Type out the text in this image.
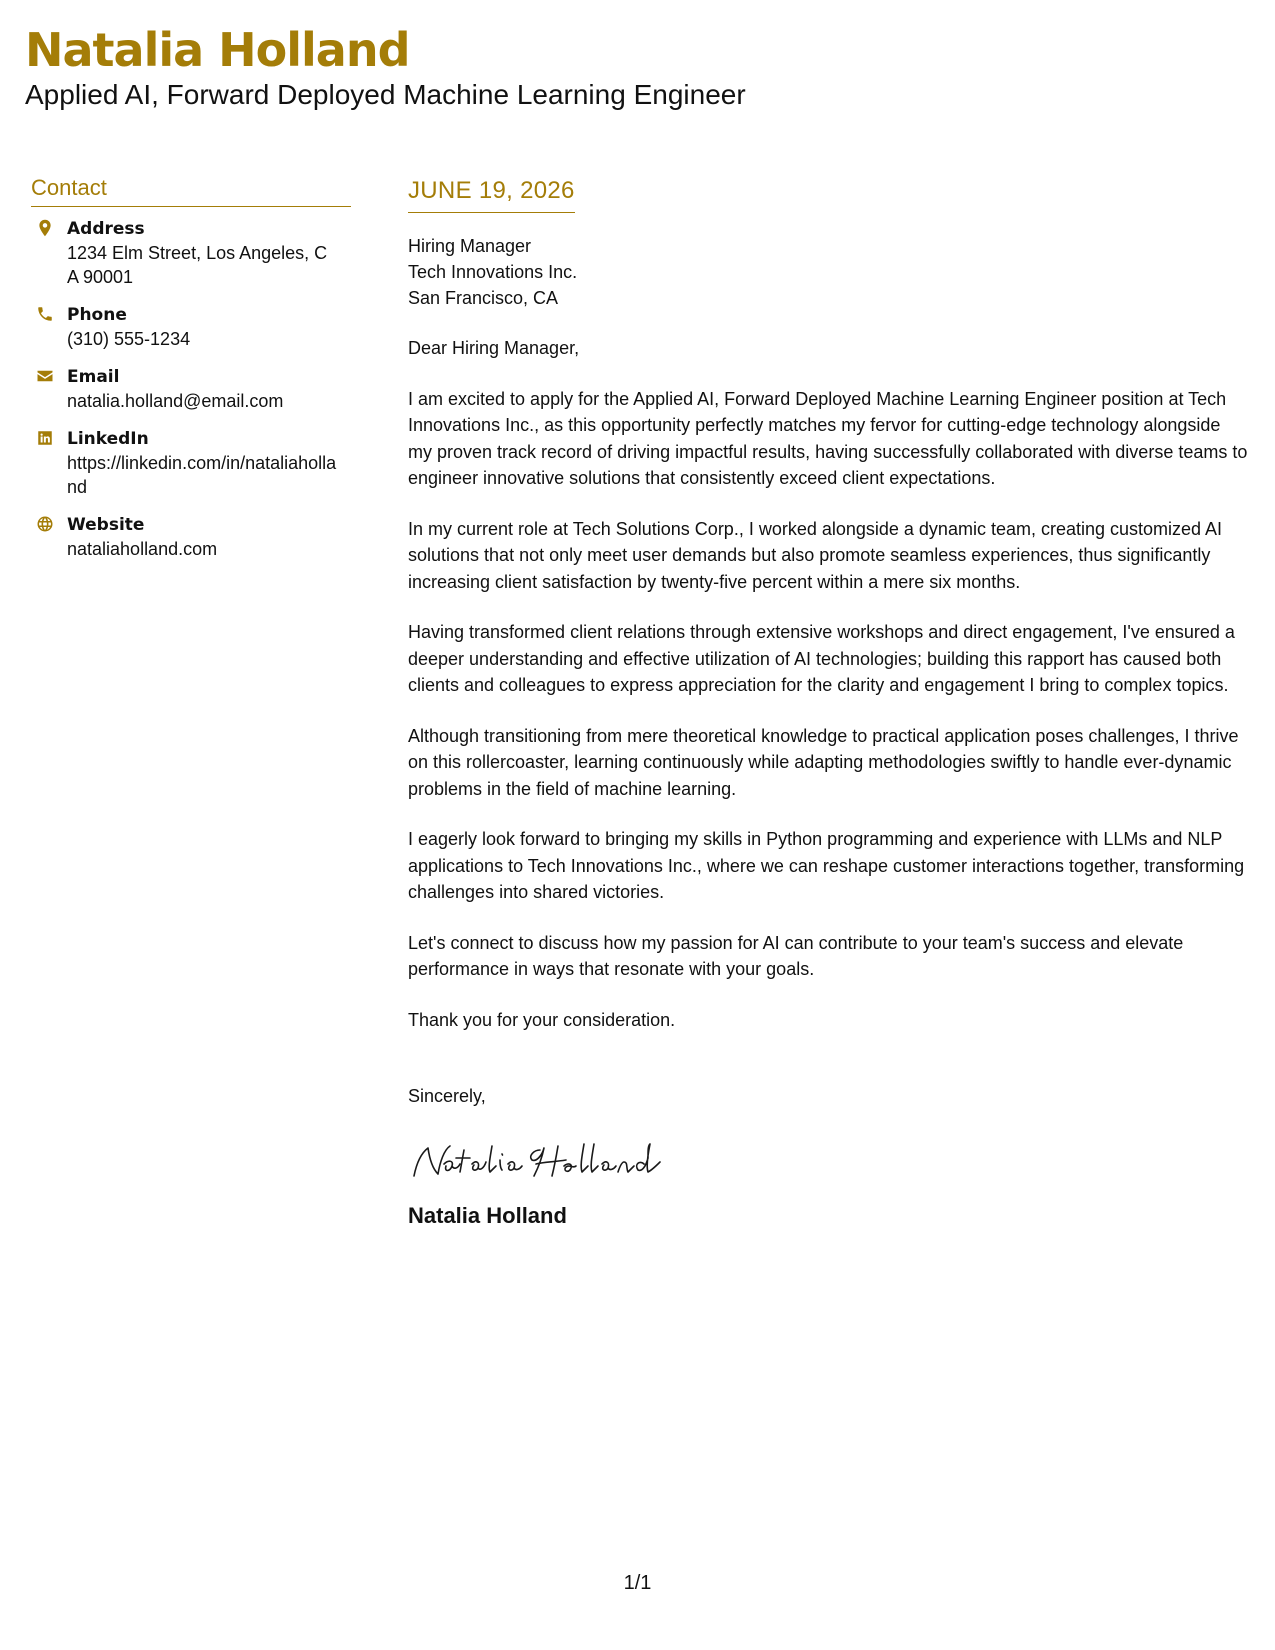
Natalia Holland
Applied AI, Forward Deployed Machine Learning Engineer
Contact
Address
1234 Elm Street, Los Angeles, CA 90001
Phone
(310) 555-1234
Email
natalia.holland@email.com
LinkedIn
https://linkedin.com/in/nataliaholland
Website
nataliaholland.com
JUNE 19, 2026
Hiring Manager
Tech Innovations Inc.
San Francisco, CA
Dear Hiring Manager,
I am excited to apply for the Applied AI, Forward Deployed Machine Learning Engineer position at Tech Innovations Inc., as this opportunity perfectly matches my fervor for cutting-edge technology alongside my proven track record of driving impactful results, having successfully collaborated with diverse teams to engineer innovative solutions that consistently exceed client expectations.
In my current role at Tech Solutions Corp., I worked alongside a dynamic team, creating customized AI solutions that not only meet user demands but also promote seamless experiences, thus significantly increasing client satisfaction by twenty-five percent within a mere six months.
Having transformed client relations through extensive workshops and direct engagement, I've ensured a deeper understanding and effective utilization of AI technologies; building this rapport has caused both clients and colleagues to express appreciation for the clarity and engagement I bring to complex topics.
Although transitioning from mere theoretical knowledge to practical application poses challenges, I thrive on this rollercoaster, learning continuously while adapting methodologies swiftly to handle ever-dynamic problems in the field of machine learning.
I eagerly look forward to bringing my skills in Python programming and experience with LLMs and NLP applications to Tech Innovations Inc., where we can reshape customer interactions together, transforming challenges into shared victories.
Let's connect to discuss how my passion for AI can contribute to your team's success and elevate performance in ways that resonate with your goals.
Thank you for your consideration.
Sincerely,
Natalia Holland
1/1
